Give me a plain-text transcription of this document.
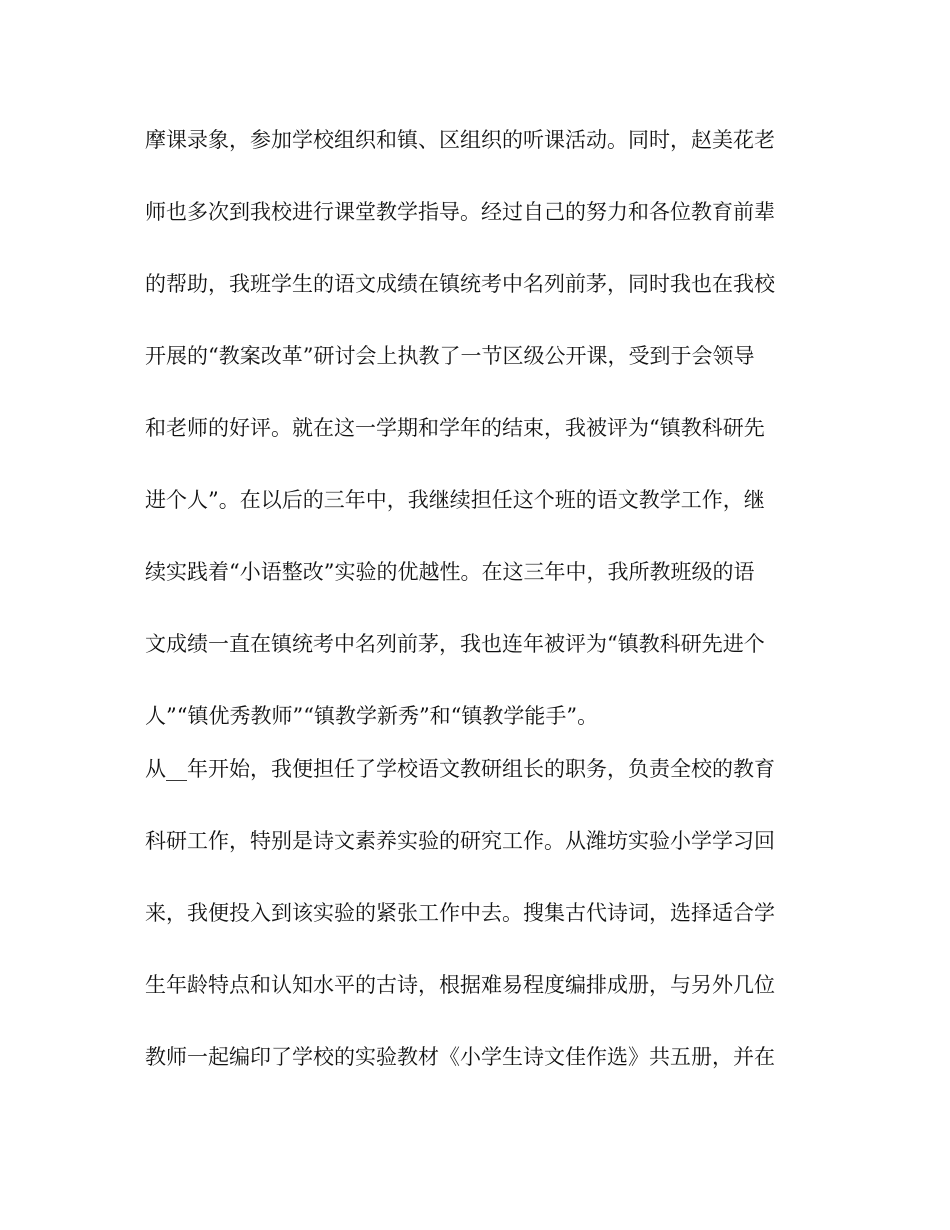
摩课录象，参加学校组织和镇、区组织的听课活动。同时，赵美花老

师也多次到我校进行课堂教学指导。经过自己的努力和各位教育前辈

的帮助，我班学生的语文成绩在镇统考中名列前茅，同时我也在我校

开展的“教案改革”研讨会上执教了一节区级公开课，受到于会领导

和老师的好评。就在这一学期和学年的结束，我被评为“镇教科研先

进个人”。在以后的三年中，我继续担任这个班的语文教学工作，继

续实践着“小语整改”实验的优越性。在这三年中，我所教班级的语

文成绩一直在镇统考中名列前茅，我也连年被评为“镇教科研先进个

人”“镇优秀教师”“镇教学新秀”和“镇教学能手”。

从__年开始，我便担任了学校语文教研组长的职务，负责全校的教育

科研工作，特别是诗文素养实验的研究工作。从潍坊实验小学学习回

来，我便投入到该实验的紧张工作中去。搜集古代诗词，选择适合学

生年龄特点和认知水平的古诗，根据难易程度编排成册，与另外几位

教师一起编印了学校的实验教材《小学生诗文佳作选》共五册，并在
